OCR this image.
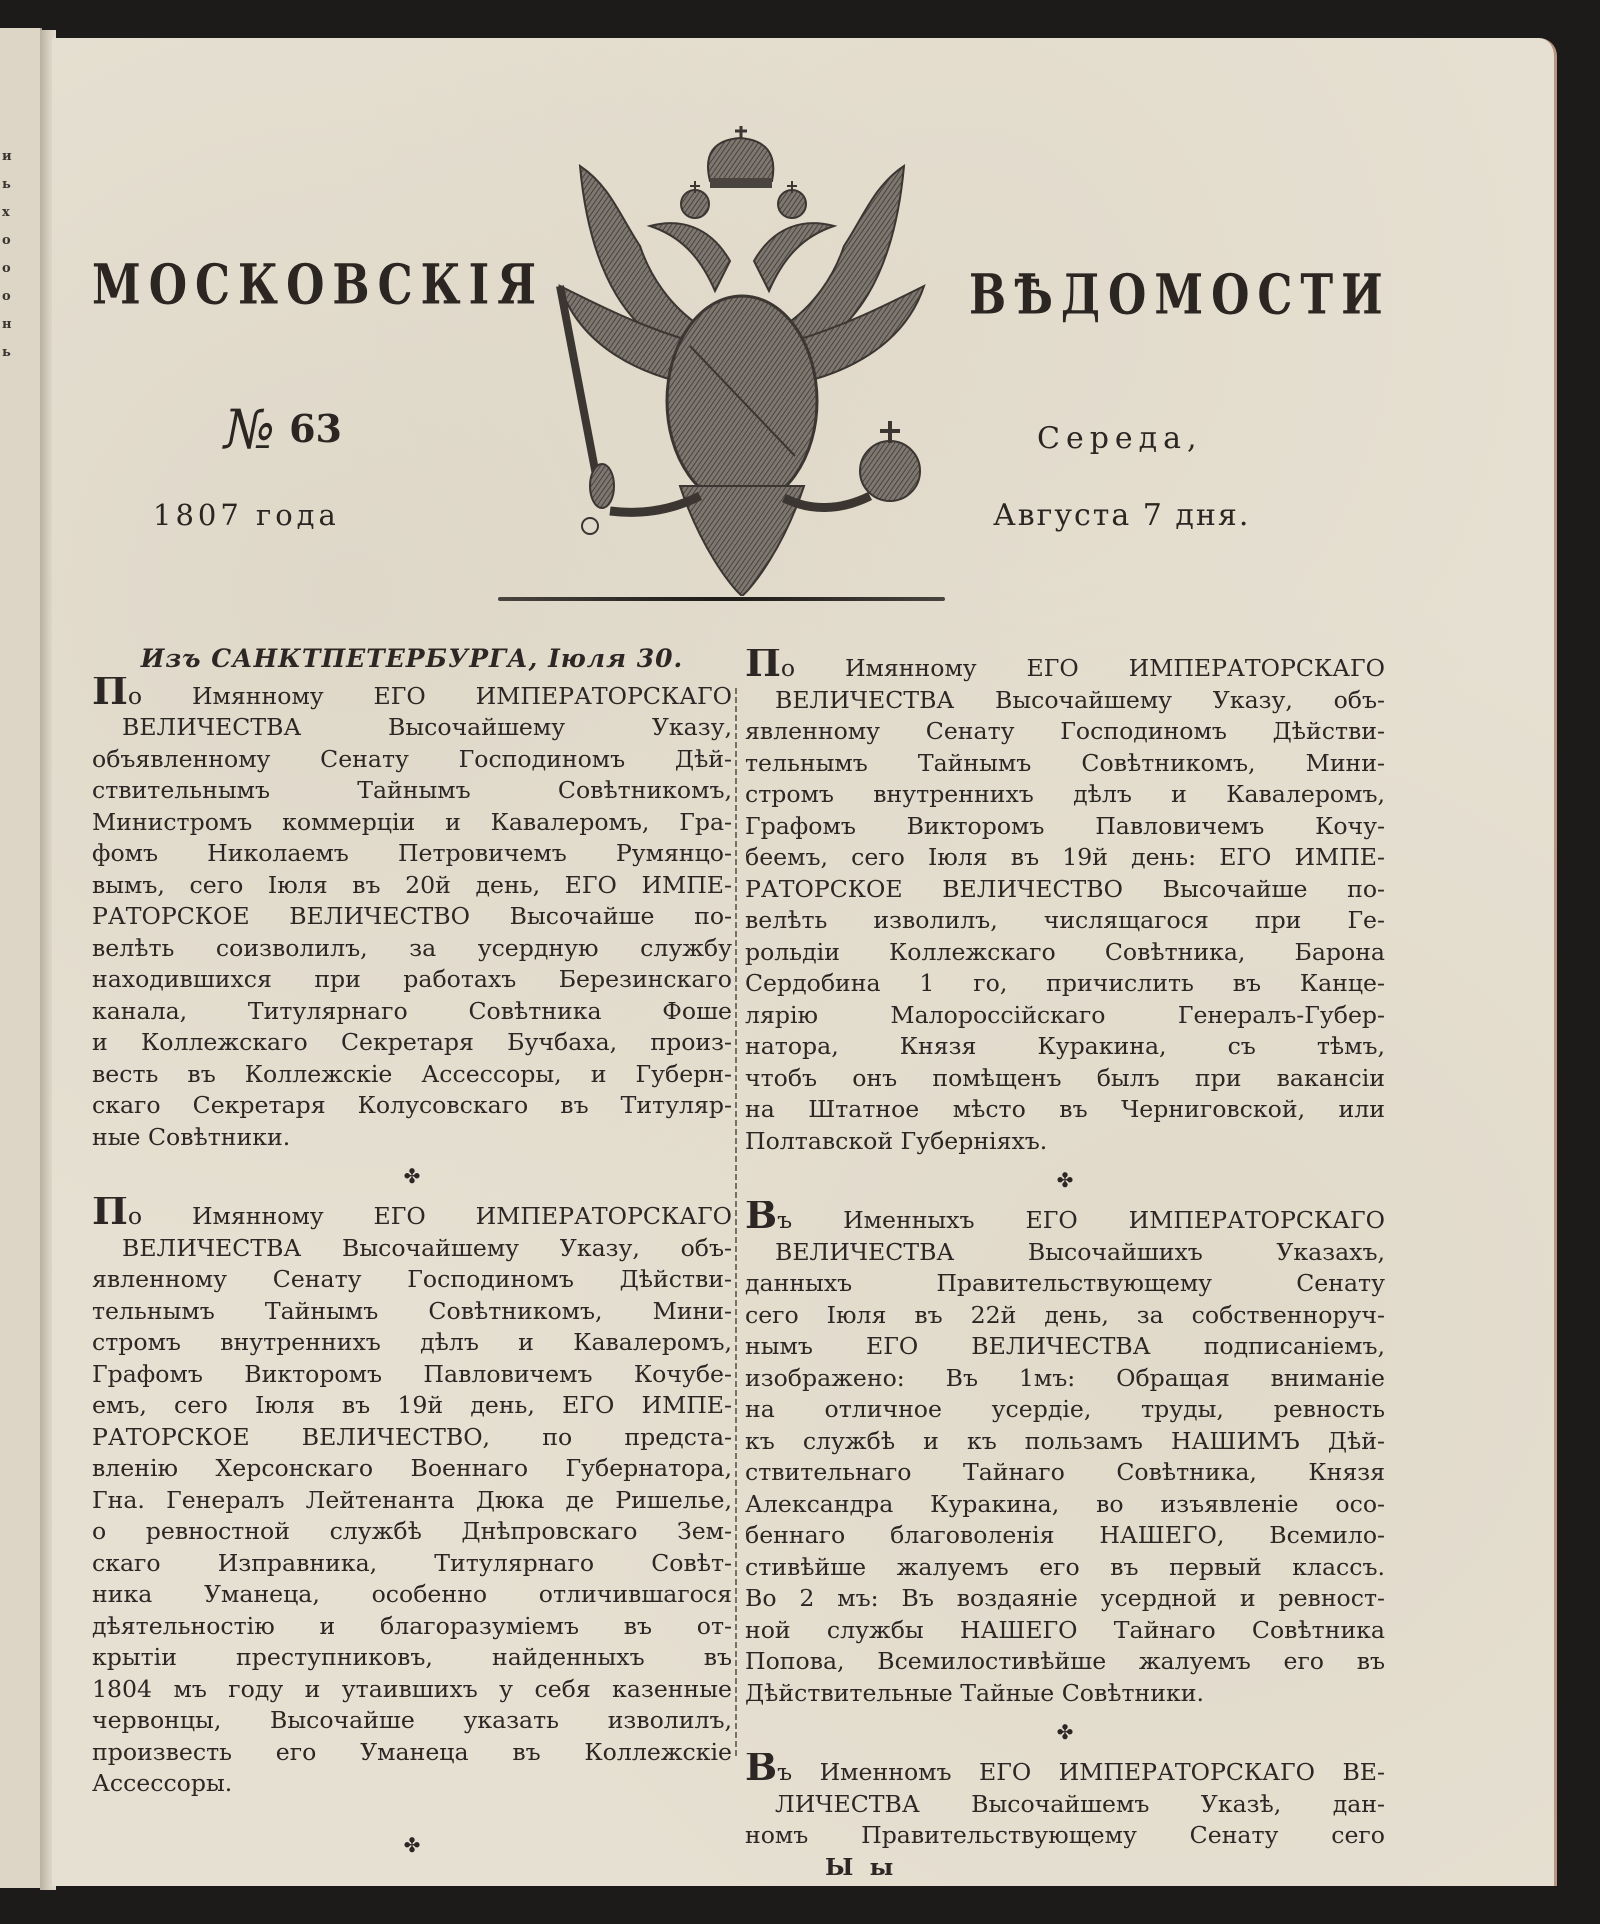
и
ь
х
о
о
о
н
ь
МОСКОВСКІЯ	ВѢДОМОСТИ
№ 63	Середа,
1807 года	Августа 7 дня.
Изъ САНКТПЕТЕРБУРГА, Іюля 30.
По Имянному ЕГО ИМПЕРАТОРСКАГО
ВЕЛИЧЕСТВА Высочайшему Указу,
объявленному Сенату Господиномъ Дѣй-
ствительнымъ Тайнымъ Совѣтникомъ,
Министромъ коммерціи и Кавалеромъ, Гра-
фомъ Николаемъ Петровичемъ Румянцо-
вымъ, сего Іюля въ 20й день, ЕГО ИМПЕ-
РАТОРСКОЕ ВЕЛИЧЕСТВО Высочайше по-
велѣть соизволилъ, за усердную службу
находившихся при работахъ Березинскаго
канала, Титулярнаго Совѣтника Фоше
и Коллежскаго Секретаря Бучбаха, произ-
весть въ Коллежскіе Ассессоры, и Губерн-
скаго Секретаря Колусовскаго въ Титуляр-
ные Совѣтники.
✤
По Имянному ЕГО ИМПЕРАТОРСКАГО
ВЕЛИЧЕСТВА Высочайшему Указу, объ-
явленному Сенату Господиномъ Дѣйстви-
тельнымъ Тайнымъ Совѣтникомъ, Мини-
стромъ внутреннихъ дѣлъ и Кавалеромъ,
Графомъ Викторомъ Павловичемъ Кочубе-
емъ, сего Іюля въ 19й день, ЕГО ИМПЕ-
РАТОРСКОЕ ВЕЛИЧЕСТВО, по предста-
вленію Херсонскаго Военнаго Губернатора,
Гна. Генералъ Лейтенанта Дюка де Ришелье,
о ревностной службѣ Днѣпровскаго Зем-
скаго Изправника, Титулярнаго Совѣт-
ника Уманеца, особенно отличившагося
дѣятельностію и благоразуміемъ въ от-
крытіи преступниковъ, найденныхъ въ
1804 мъ году и утаившихъ у себя казенные
червонцы, Высочайше указать изволилъ,
произвесть его Уманеца въ Коллежскіе
Ассессоры.
✤
По Имянному ЕГО ИМПЕРАТОРСКАГО
ВЕЛИЧЕСТВА Высочайшему Указу, объ-
явленному Сенату Господиномъ Дѣйстви-
тельнымъ Тайнымъ Совѣтникомъ, Мини-
стромъ внутреннихъ дѣлъ и Кавалеромъ,
Графомъ Викторомъ Павловичемъ Кочу-
беемъ, сего Іюля въ 19й день: ЕГО ИМПЕ-
РАТОРСКОЕ ВЕЛИЧЕСТВО Высочайше по-
велѣть изволилъ, числящагося при Ге-
рольдіи Коллежскаго Совѣтника, Барона
Сердобина 1 го, причислить въ Канце-
лярію Малороссійскаго Генералъ-Губер-
натора, Князя Куракина, съ тѣмъ,
чтобъ онъ помѣщенъ былъ при вакансіи
на Штатное мѣсто въ Черниговской, или
Полтавской Губерніяхъ.
✤
Въ Именныхъ ЕГО ИМПЕРАТОРСКАГО
ВЕЛИЧЕСТВА Высочайшихъ Указахъ,
данныхъ Правительствующему Сенату
сего Іюля въ 22й день, за собственноруч-
нымъ ЕГО ВЕЛИЧЕСТВА подписаніемъ,
изображено: Въ 1мъ: Обращая вниманіе
на отличное усердіе, труды, ревность
къ службѣ и къ пользамъ НАШИМЪ Дѣй-
ствительнаго Тайнаго Совѣтника, Князя
Александра Куракина, во изъявленіе осо-
беннаго благоволенія НАШЕГО, Всемило-
стивѣйше жалуемъ его въ первый классъ.
Во 2 мъ: Въ воздаяніе усердной и ревност-
ной службы НАШЕГО Тайнаго Совѣтника
Попова, Всемилостивѣйше жалуемъ его въ
Дѣйствительные Тайные Совѣтники.
✤
Въ Именномъ ЕГО ИМПЕРАТОРСКАГО ВЕ-
ЛИЧЕСТВА Высочайшемъ Указѣ, дан-
номъ Правительствующему Сенату сего
Ы ы
